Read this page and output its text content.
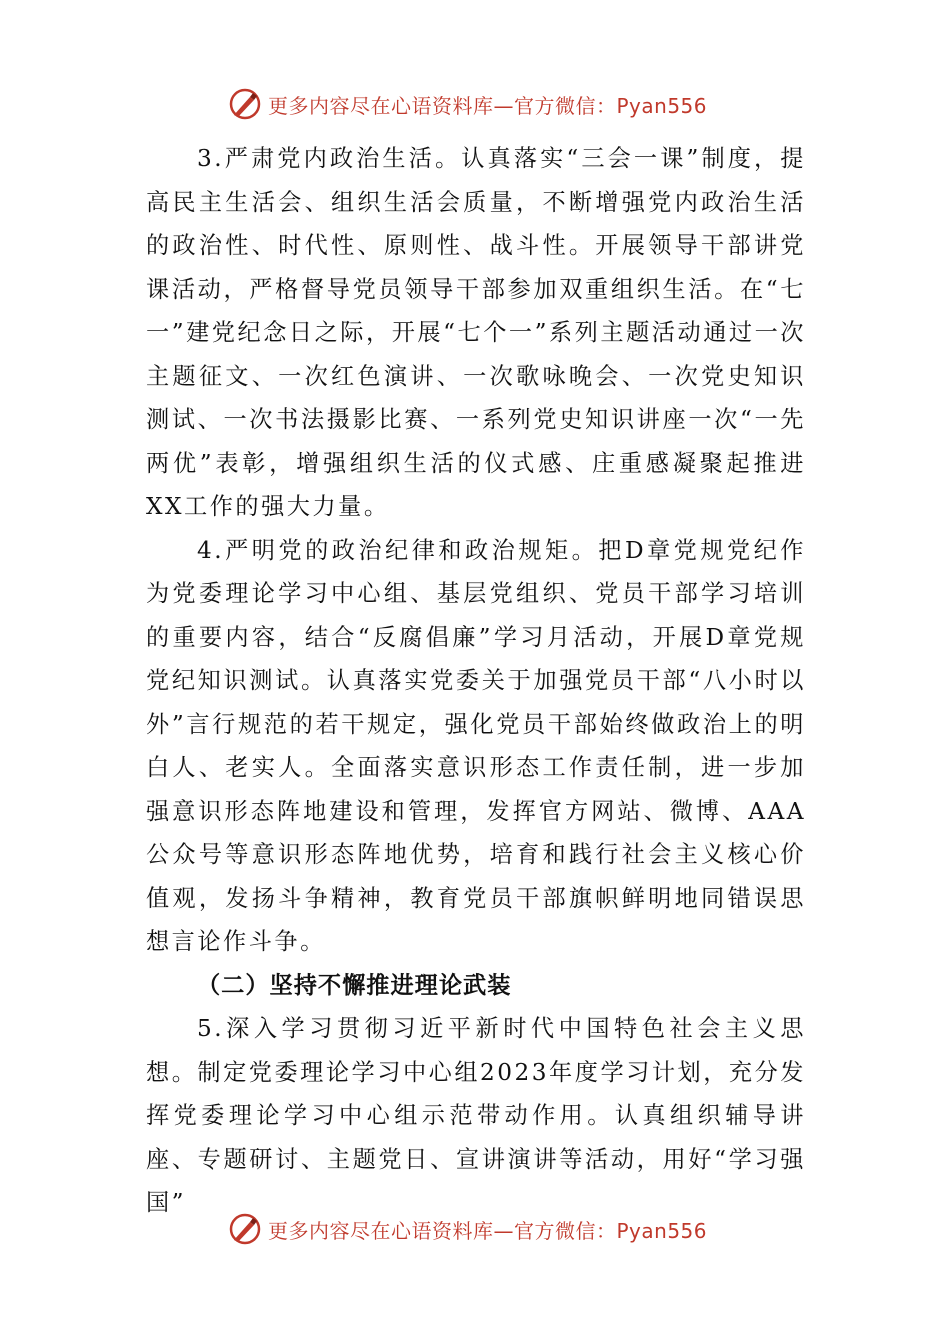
更多内容尽在心语资料库—官方微信：Pyan556

3.严肃党内政治生活。认真落实“三会一课”制度，提高民主生活会、组织生活会质量，不断增强党内政治生活的政治性、时代性、原则性、战斗性。开展领导干部讲党课活动，严格督导党员领导干部参加双重组织生活。在“七一”建党纪念日之际，开展“七个一”系列主题活动通过一次主题征文、一次红色演讲、一次歌咏晚会、一次党史知识测试、一次书法摄影比赛、一系列党史知识讲座一次“一先两优”表彰，增强组织生活的仪式感、庄重感凝聚起推进XX工作的强大力量。

4.严明党的政治纪律和政治规矩。把D章党规党纪作为党委理论学习中心组、基层党组织、党员干部学习培训的重要内容，结合“反腐倡廉”学习月活动，开展D章党规党纪知识测试。认真落实党委关于加强党员干部“八小时以外”言行规范的若干规定，强化党员干部始终做政治上的明白人、老实人。全面落实意识形态工作责任制，进一步加强意识形态阵地建设和管理，发挥官方网站、微博、AAA公众号等意识形态阵地优势，培育和践行社会主义核心价值观，发扬斗争精神，教育党员干部旗帜鲜明地同错误思想言论作斗争。

（二）坚持不懈推进理论武装

5.深入学习贯彻习近平新时代中国特色社会主义思想。制定党委理论学习中心组2023年度学习计划，充分发挥党委理论学习中心组示范带动作用。认真组织辅导讲座、专题研讨、主题党日、宣讲演讲等活动，用好“学习强国”

更多内容尽在心语资料库—官方微信：Pyan556
